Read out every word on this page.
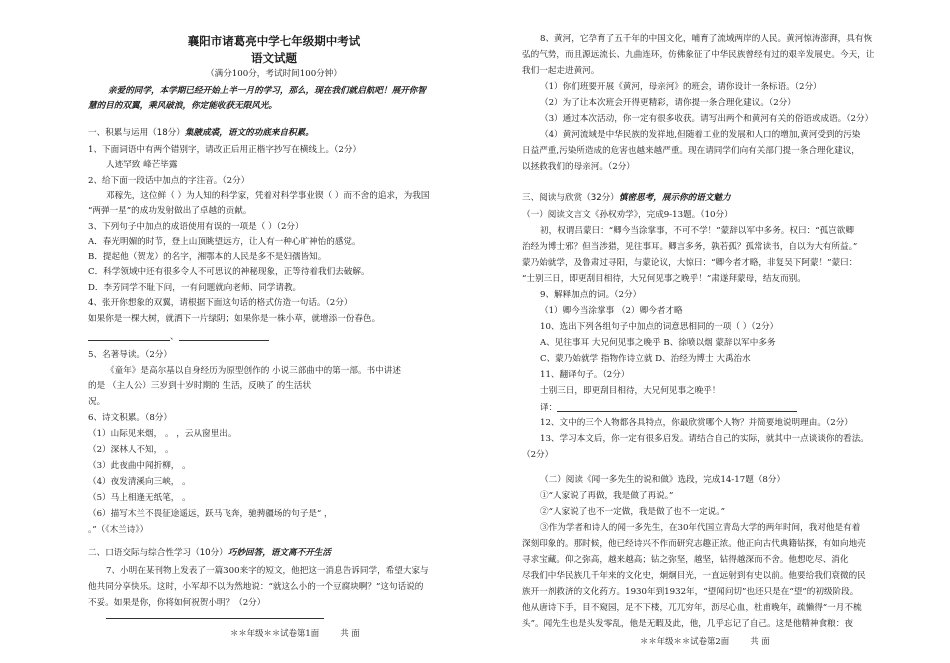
襄阳市诸葛亮中学七年级期中考试
语文试题
（满分100分，考试时间100分钟）
亲爱的同学，本学期已经开始上半一月的学习，那么，现在我们就启航吧！展开你智
慧的目的双翼，乘风破浪，你定能收获无限风光。
一、积累与运用（18分）集腋成裘，语文的功底来自积累。
1、下面词语中有两个错别字，请改正后用正楷字抄写在横线上。（2分）
人迹罕致 峰芒毕露
2、给下面一段话中加点的字注音。（2分）
邓稼先，这位鲜（ ）为人知的科学家，凭着对科学事业锲（ ）而不舍的追求，为我国
“两弹一星”的成功发射做出了卓越的贡献。
3、下列句子中加点的成语使用有误的一项是（ ）（2分）
A．春光明媚的时节，登上山顶眺望远方，让人有一种心旷神怡的感觉。
B．提起他（贺龙）的名字，湘鄂本的人民是多不是妇孺皆知。
C．科学领域中还有很多令人不可思议的神秘现象，正等待着我们去破解。
D．李芳同学不耻下问，一有问题就向老师、同学请教。
4、张开你想象的双翼，请根据下面这句话的格式仿造一句话。（2分）
如果你是一棵大树，就洒下一片绿阴；如果你是一株小草，就增添一份春色。
、
5、名著导读。（2分）
《童年》是高尔基以自身经历为原型创作的 小说三部曲中的第一部。书中讲述
的是 （主人公）三岁到十岁时期的 生活，反映了 的生活状
况。
6、诗文积累。（8分）
（1）山际见来烟， 。 ，云从窗里出。
（2）深林人不知， 。
（3）此夜曲中闻折柳， 。
（4）夜发清溪向三峡， 。
（5）马上相逢无纸笔， 。
（6）描写木兰不畏征途遥远，跃马飞奔，驰骋疆场的句子是“ ，
。”（《木兰诗》）
二、口语交际与综合性学习（10分）巧妙回答，语文离不开生活
7、小明在某刊物上发表了一篇300来字的短文，他把这一消息告诉同学，希望大家与
他共同分享快乐。这时，小军却不以为然地说：“就这么小的一个豆腐块啊？”这句话说的
不妥。如果是你，你将如何祝贺小明？（2分）
＊＊年级＊＊试卷第1面	共 面
8、黄河，它孕育了五千年的中国文化，哺育了流域两岸的人民。黄河惊涛澎湃，具有恢
弘的气势，而且源远流长、九曲连环，仿佛象征了中华民族曾经有过的艰辛发展史。今天，让
我们一起走进黄河。
（1）你们班要开展《黄河，母亲河》的班会，请你设计一条标语。（2分）
（2）为了让本次班会开得更精彩，请你提一条合理化建议。（2分）
（3）通过本次活动，你一定有很多收获。请写出两个和黄河有关的俗语或成语。（2分）
（4）黄河流域是中华民族的发祥地,但随着工业的发展和人口的增加,黄河受到的污染
日益严重,污染所造成的危害也越来越严重。现在请同学们向有关部门提一条合理化建议，
以拯救我们的母亲河。（2分）
三、阅读与欣赏（32分）慎密思考，展示你的语文魅力
（一）阅读文言文《孙权劝学》，完成9-13题。（10分）
初，权谓吕蒙曰：“卿今当涂掌事，不可不学！”蒙辞以军中多务。权曰：“孤岂欲卿
治经为博士邪？但当涉猎，见往事耳。卿言多务，孰若孤？孤常读书，自以为大有所益。”
蒙乃始就学，及鲁肃过寻阳，与蒙论议，大惊曰：“卿今者才略，非复吴下阿蒙！”蒙曰：
“士别三日，即更刮目相待，大兄何见事之晚乎！”肃遂拜蒙母，结友而别。
9、解释加点的词。（2分）
（1）卿今当涂掌事 （2）卿今者才略
10、选出下列各组句子中加点的词意思相同的一项（ ）（2分）
A、见往事耳 大兄何见事之晚乎 B、徐喷以烟 蒙辞以军中多务
C、蒙乃始就学 指物作诗立就 D、治经为博士 大禹治水
11、翻译句子。（2分）
士别三日，即更刮目相待，大兄何见事之晚乎！
译：
12、文中的三个人物都各具特点，你最欣赏哪个人物？并简要地说明理由。（2分）
13、学习本文后，你一定有很多启发。请结合自己的实际，就其中一点谈谈你的看法。
（2分）
（二）阅读《闻一多先生的说和做》选段，完成14-17题（8分）
①“人家说了再做，我是做了再说。”
②“人家说了也不一定做，我是做了也不一定说。”
③作为学者和诗人的闻一多先生，在30年代国立青岛大学的两年时间，我对他是有着
深刻印象的。那时候，他已经诗兴不作而研究志趣正浓。他正向古代典籍钻探，有如向地壳
寻求宝藏。仰之弥高，越来越高；钻之弥坚，越坚，钻得越深而不舍。他想吃尽、消化
尽我们中华民族几千年来的文化史，炯炯目光，一直远射到有史以前。他要给我们衰微的民
族开一剂救济的文化药方。1930年到1932年，“望闻问切”也还只是在“望”的初级阶段。
他从唐诗下手，目不窥园，足不下楼，兀兀穷年，沥尽心血，杜甫晚年，疏懒得“一月不梳
头”。闻先生也是头发零乱，他是无暇及此，他，几乎忘记了自己。这是他精神食粮：夜
＊＊年级＊＊试卷第2面	共 面
